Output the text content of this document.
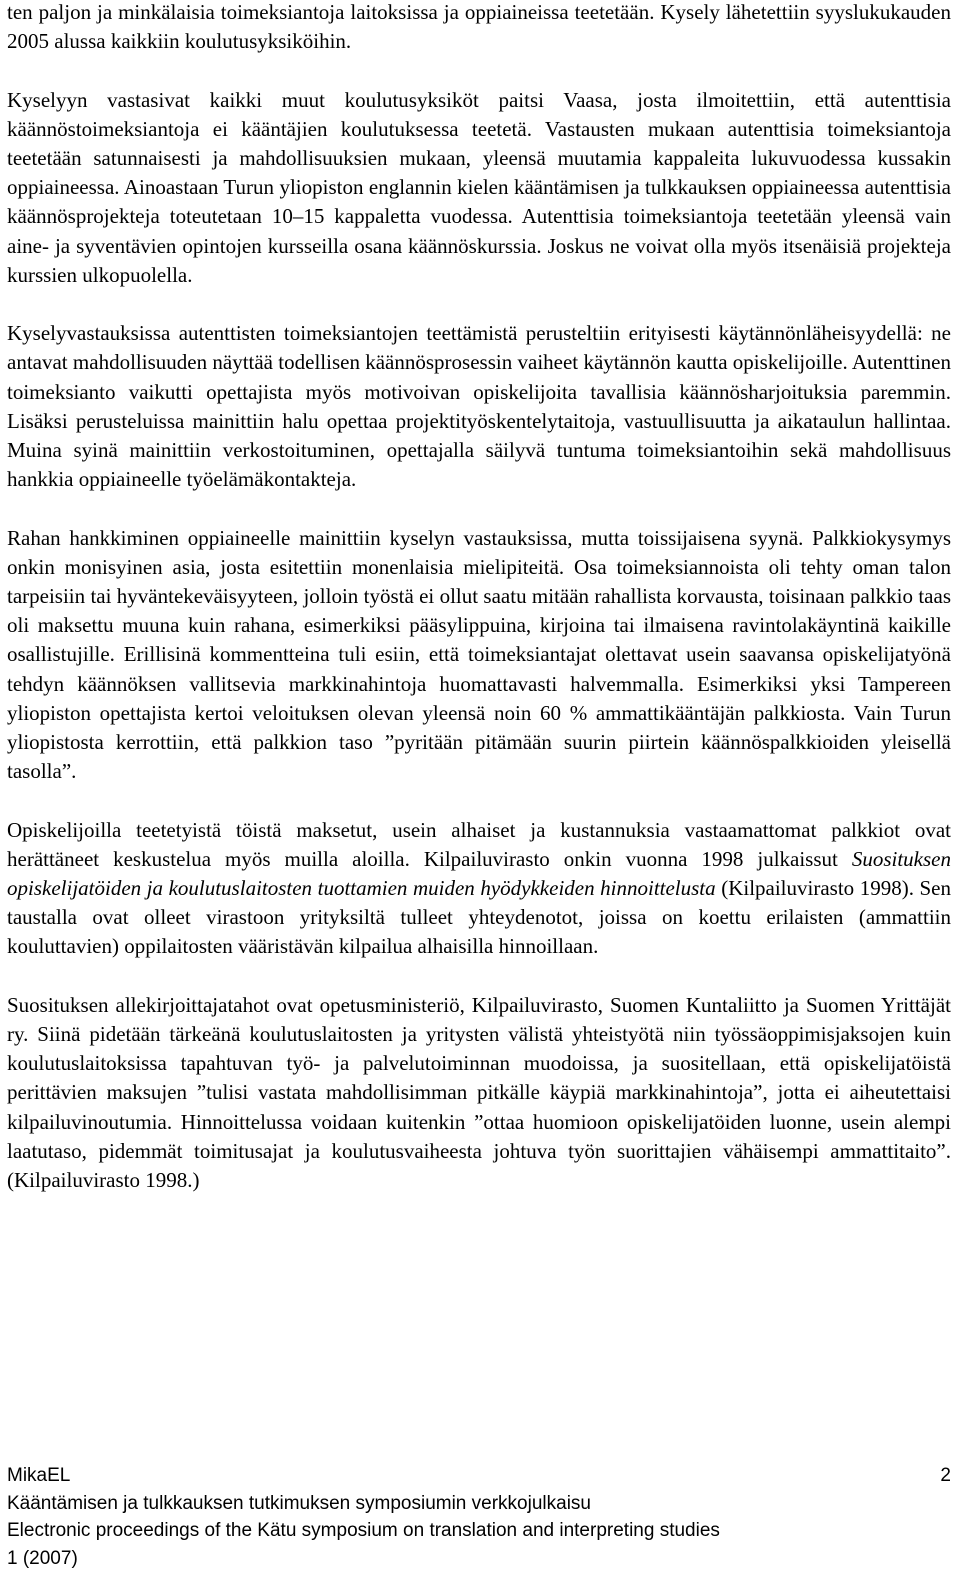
ten paljon ja minkälaisia toimeksiantoja laitoksissa ja oppiaineissa teetetään. Kysely lähetettiin syyslukukauden 2005 alussa kaikkiin koulutusyksiköihin.

Kyselyyn vastasivat kaikki muut koulutusyksiköt paitsi Vaasa, josta ilmoitettiin, että autenttisia käännöstoimeksiantoja ei kääntäjien koulutuksessa teetetä. Vastausten mukaan autenttisia toimeksiantoja teetetään satunnaisesti ja mahdollisuuksien mukaan, yleensä muutamia kappaleita lukuvuodessa kussakin oppiaineessa. Ainoastaan Turun yliopiston englannin kielen kääntämisen ja tulkkauksen oppiaineessa autenttisia käännösprojekteja toteutetaan 10–15 kappaletta vuodessa. Autenttisia toimeksiantoja teetetään yleensä vain aine- ja syventävien opintojen kursseilla osana käännöskurssia. Joskus ne voivat olla myös itsenäisiä projekteja kurssien ulkopuolella.

Kyselyvastauksissa autenttisten toimeksiantojen teettämistä perusteltiin erityisesti käytännönläheisyydellä: ne antavat mahdollisuuden näyttää todellisen käännösprosessin vaiheet käytännön kautta opiskelijoille. Autenttinen toimeksianto vaikutti opettajista myös motivoivan opiskelijoita tavallisia käännösharjoituksia paremmin. Lisäksi perusteluissa mainittiin halu opettaa projektityöskentelytaitoja, vastuullisuutta ja aikataulun hallintaa. Muina syinä mainittiin verkostoituminen, opettajalla säilyvä tuntuma toimeksiantoihin sekä mahdollisuus hankkia oppiaineelle työelämäkontakteja.

Rahan hankkiminen oppiaineelle mainittiin kyselyn vastauksissa, mutta toissijaisena syynä. Palkkiokysymys onkin monisyinen asia, josta esitettiin monenlaisia mielipiteitä. Osa toimeksiannoista oli tehty oman talon tarpeisiin tai hyväntekeväisyyteen, jolloin työstä ei ollut saatu mitään rahallista korvausta, toisinaan palkkio taas oli maksettu muuna kuin rahana, esimerkiksi pääsylippuina, kirjoina tai ilmaisena ravintolakäyntinä kaikille osallistujille. Erillisinä kommentteina tuli esiin, että toimeksiantajat olettavat usein saavansa opiskelijatyönä tehdyn käännöksen vallitsevia markkinahintoja huomattavasti halvemmalla. Esimerkiksi yksi Tampereen yliopiston opettajista kertoi veloituksen olevan yleensä noin 60 % ammattikääntäjän palkkiosta. Vain Turun yliopistosta kerrottiin, että palkkion taso ”pyritään pitämään suurin piirtein käännöspalkkioiden yleisellä tasolla”.

Opiskelijoilla teetetyistä töistä maksetut, usein alhaiset ja kustannuksia vastaamattomat palkkiot ovat herättäneet keskustelua myös muilla aloilla. Kilpailuvirasto onkin vuonna 1998 julkaissut Suosituksen opiskelijatöiden ja koulutuslaitosten tuottamien muiden hyödykkeiden hinnoittelusta (Kilpailuvirasto 1998). Sen taustalla ovat olleet virastoon yrityksiltä tulleet yhteydenotot, joissa on koettu erilaisten (ammattiin kouluttavien) oppilaitosten vääristävän kilpailua alhaisilla hinnoillaan.

Suosituksen allekirjoittajatahot ovat opetusministeriö, Kilpailuvirasto, Suomen Kuntaliitto ja Suomen Yrittäjät ry. Siinä pidetään tärkeänä koulutuslaitosten ja yritysten välistä yhteistyötä niin työssäoppimisjaksojen kuin koulutuslaitoksissa tapahtuvan työ- ja palvelutoiminnan muodoissa, ja suositellaan, että opiskelijatöistä perittävien maksujen ”tulisi vastata mahdollisimman pitkälle käypiä markkinahintoja”, jotta ei aiheutettaisi kilpailuvinoutumia. Hinnoittelussa voidaan kuitenkin ”ottaa huomioon opiskelijatöiden luonne, usein alempi laatutaso, pidemmät toimitusajat ja koulutusvaiheesta johtuva työn suorittajien vähäisempi ammattitaito”. (Kilpailuvirasto 1998.)

MikaEL	2
Kääntämisen ja tulkkauksen tutkimuksen symposiumin verkkojulkaisu
Electronic proceedings of the Kätu symposium on translation and interpreting studies
1 (2007)
